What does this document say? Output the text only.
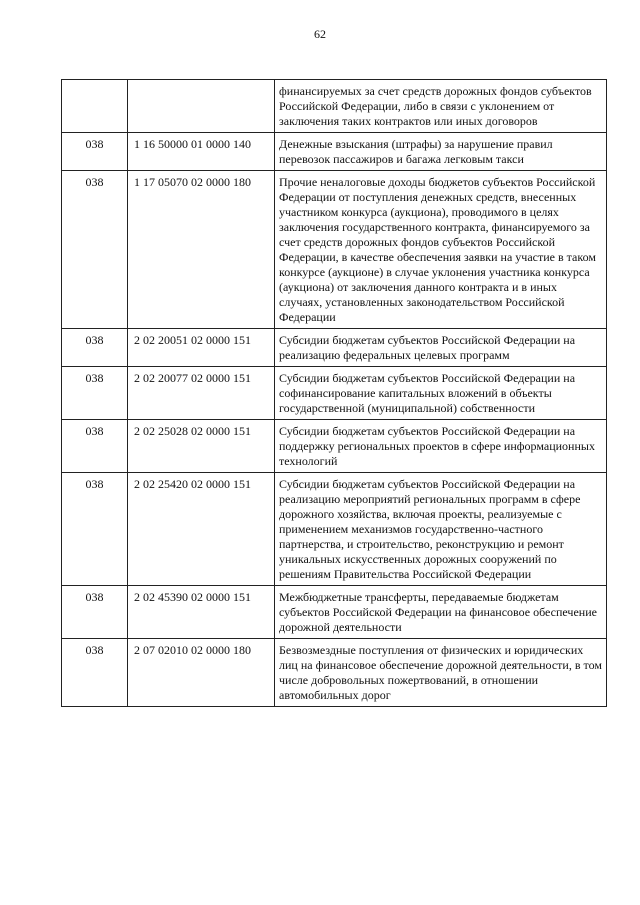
62
		финансируемых за счет средств дорожных фондов субъектов Российской Федерации, либо в связи с уклонением от заключения таких контрактов или иных договоров
038	1 16 50000 01 0000 140	Денежные взыскания (штрафы) за нарушение правил перевозок пассажиров и багажа легковым такси
038	1 17 05070 02 0000 180	Прочие неналоговые доходы бюджетов субъектов Российской Федерации от поступления денежных средств, внесенных участником конкурса (аукциона), проводимого в целях заключения государственного контракта, финансируемого за счет средств дорожных фондов субъектов Российской Федерации, в качестве обеспечения заявки на участие в таком конкурсе (аукционе) в случае уклонения участника конкурса (аукциона) от заключения данного контракта и в иных случаях, установленных законодательством Российской Федерации
038	2 02 20051 02 0000 151	Субсидии бюджетам субъектов Российской Федерации на реализацию федеральных целевых программ
038	2 02 20077 02 0000 151	Субсидии бюджетам субъектов Российской Федерации на софинансирование капитальных вложений в объекты государственной (муниципальной) собственности
038	2 02 25028 02 0000 151	Субсидии бюджетам субъектов Российской Федерации на поддержку региональных проектов в сфере информационных технологий
038	2 02 25420 02 0000 151	Субсидии бюджетам субъектов Российской Федерации на реализацию мероприятий региональных программ в сфере дорожного хозяйства, включая проекты, реализуемые с применением механизмов государственно-частного партнерства, и строительство, реконструкцию и ремонт уникальных искусственных дорожных сооружений по решениям Правительства Российской Федерации
038	2 02 45390 02 0000 151	Межбюджетные трансферты, передаваемые бюджетам субъектов Российской Федерации на финансовое обеспечение дорожной деятельности
038	2 07 02010 02 0000 180	Безвозмездные поступления от физических и юридических лиц на финансовое обеспечение дорожной деятельности, в том числе добровольных пожертвований, в отношении автомобильных дорог
